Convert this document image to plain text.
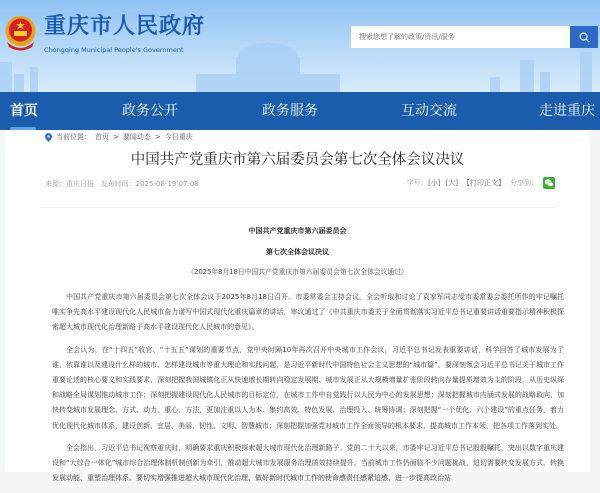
重庆市人民政府
Chongqing Municipal People's Government
搜索您想了解的政策/资讯/服务
首页	政务公开	政务服务	互动交流	走进重庆
当前位置： 首页 > 要闻动态 > 今日重庆
中国共产党重庆市第六届委员会第七次全体会议决议
来源：重庆日报 发布时间：2025-08-19 07:08	字号: [小] [大] 【打印正文】 分享到：
中国共产党重庆市第六届委员会
第七次全体会议决议
（2025年8月18日中国共产党重庆市第六届委员会第七次全体会议通过）

中国共产党重庆市第六届委员会第七次全体会议于2025年8月18日召开。市委常委会主持会议。全会听取和讨论了袁家军同志受市委常委会委托所作的牢记嘱托唯实争先高水平建设现代化人民城市奋力谱写中国式现代化重庆篇章的讲话，审议通过了《中共重庆市委关于全面贯彻落实习近平总书记重要讲话重要指示精神积极探索超大城市现代化治理新路子高水平建设现代化人民城市的意见》。

全会认为，在“十四五”收官、“十五五”谋划的重要节点，党中央时隔10年再次召开中央城市工作会议，习近平总书记发表重要讲话，科学回答了城市发展为了谁、依靠谁以及建设什么样的城市、怎样建设城市等重大理论和实践问题，是习近平新时代中国特色社会主义思想的“城市篇”。要深刻领会习近平总书记关于城市工作重要论述的核心要义和实践要求，深刻把握我国城镇化正从快速增长期转向稳定发展期、城市发展正从大规模增量扩张阶段转向存量提质增效为主的阶段，从历史纵深和战略全局谋划推动城市工作；深刻把握建设现代化人民城市的目标定位，在城市工作中自觉践行以人民为中心的发展思想；深刻把握城市内涵式发展的战略取向，加快转变城市发展理念、方式、动力、重心、方法，更加注重以人为本、集约高效、特色发展、治理投入、统筹协调；深刻把握“一个优化、六个建设”的重点任务，着力优化现代化城市体系，建设创新、宜居、美丽、韧性、文明、智慧城市；深刻把握加强党对城市工作全面领导的根本要求，提高城市工作本领，把各项工作落到实处。

全会指出，习近平总书记视察重庆时，明确要求重庆积极探索超大城市现代化治理新路子。党的二十大以来，市委牢记习近平总书记殷殷嘱托，突出以数字重庆建设和“大综合一体化”城市综合治理体制机制创新为牵引，推动超大城市发展服务治理质效持续提升。当前城市工作仍面临不少问题挑战，迫切需要转变发展方式、转换发展动能、重塑治理体系。要切实增强推进超大城市现代化治理、做好新时代城市工作的使命感责任感紧迫感，进一步提高政治站
